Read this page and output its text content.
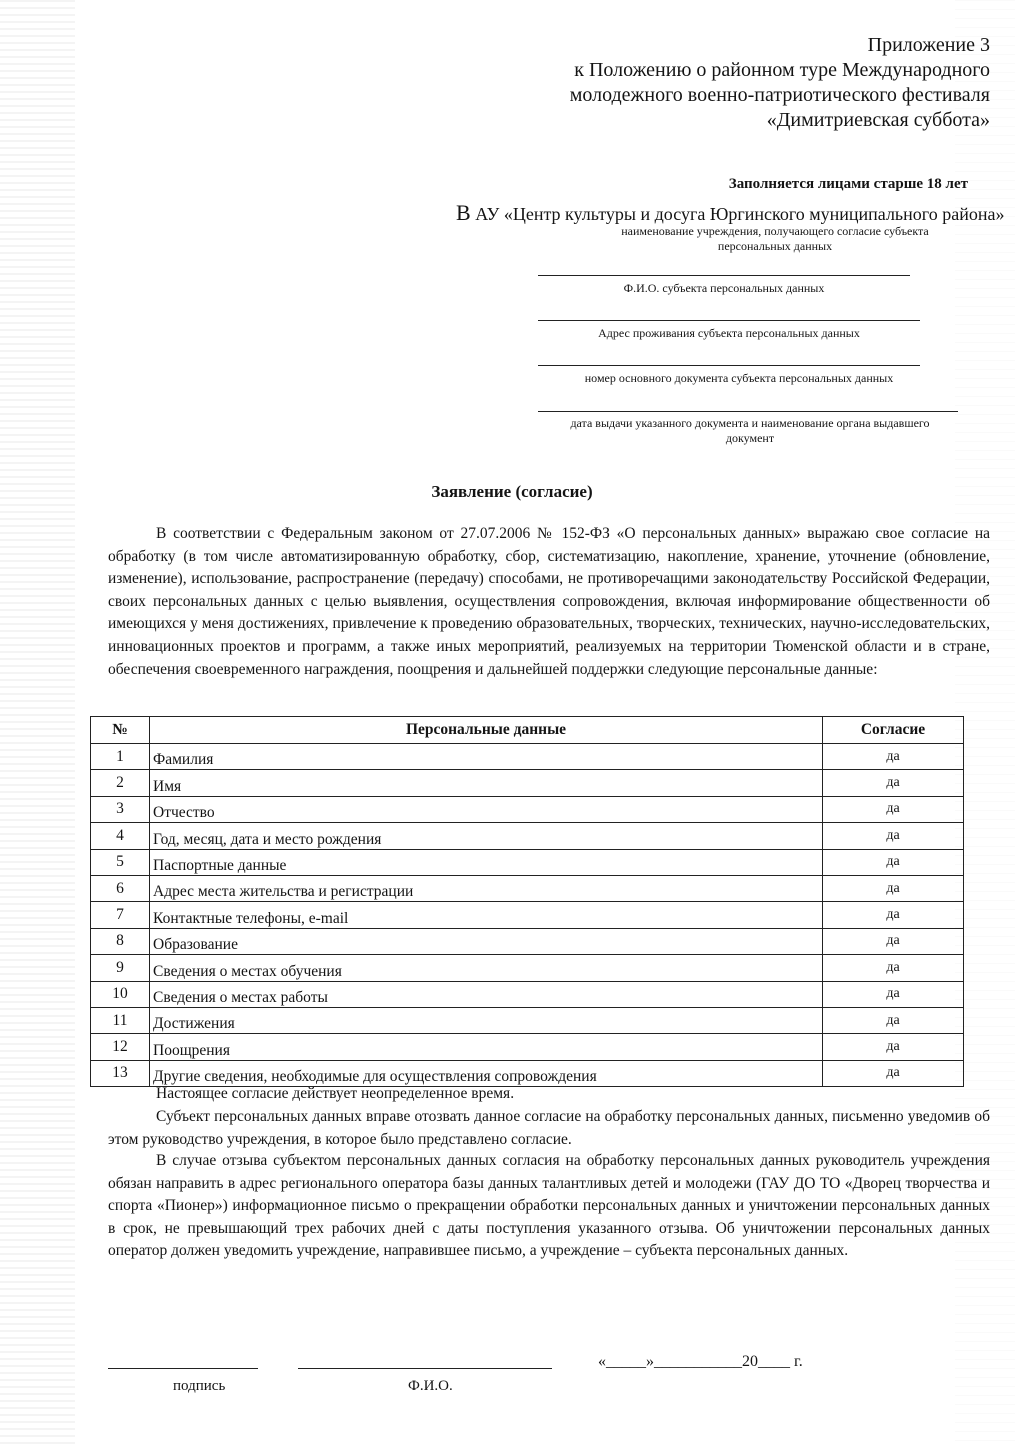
Приложение 3
к Положению о районном туре Международного
молодежного военно-патриотического фестиваля
«Димитриевская суббота»
Заполняется лицами старше 18 лет
В АУ «Центр культуры и досуга Юргинского муниципального района»
наименование учреждения, получающего согласие субъекта
персональных данных
Ф.И.О. субъекта персональных данных
Адрес проживания субъекта персональных данных
номер основного документа субъекта персональных данных
дата выдачи указанного документа и наименование органа выдавшего
документ
Заявление (согласие)
В соответствии с Федеральным законом от 27.07.2006 № 152-ФЗ «О персональных данных» выражаю свое согласие на обработку (в том числе автоматизированную обработку, сбор, систематизацию, накопление, хранение, уточнение (обновление, изменение), использование, распространение (передачу) способами, не противоречащими законодательству Российской Федерации, своих персональных данных с целью выявления, осуществления сопровождения, включая информирование общественности об имеющихся у меня достижениях, привлечение к проведению образовательных, творческих, технических, научно-исследовательских, инновационных проектов и программ, а также иных мероприятий, реализуемых на территории Тюменской области и в стране, обеспечения своевременного награждения, поощрения и дальнейшей поддержки следующие персональные данные:
№	Персональные данные	Согласие
1	Фамилия	да
2	Имя	да
3	Отчество	да
4	Год, месяц, дата и место рождения	да
5	Паспортные данные	да
6	Адрес места жительства и регистрации	да
7	Контактные телефоны, e-mail	да
8	Образование	да
9	Сведения о местах обучения	да
10	Сведения о местах работы	да
11	Достижения	да
12	Поощрения	да
13	Другие сведения, необходимые для осуществления сопровождения	да
Настоящее согласие действует неопределенное время.
Субъект персональных данных вправе отозвать данное согласие на обработку персональных данных, письменно уведомив об этом руководство учреждения, в которое было представлено согласие.
В случае отзыва субъектом персональных данных согласия на обработку персональных данных руководитель учреждения обязан направить в адрес регионального оператора базы данных талантливых детей и молодежи (ГАУ ДО ТО «Дворец творчества и спорта «Пионер») информационное письмо о прекращении обработки персональных данных и уничтожении персональных данных в срок, не превышающий трех рабочих дней с даты поступления указанного отзыва. Об уничтожении персональных данных оператор должен уведомить учреждение, направившее письмо, а учреждение – субъекта персональных данных.
подпись	Ф.И.О.
«_____»___________20____ г.
